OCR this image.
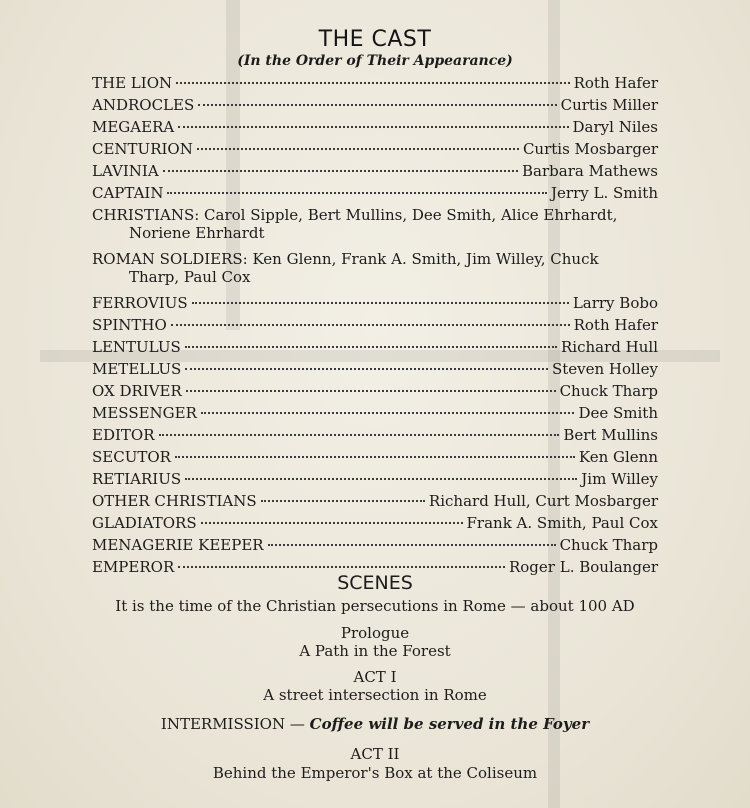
THE CAST
(In the Order of Their Appearance)
THE LION	Roth Hafer
ANDROCLES	Curtis Miller
MEGAERA	Daryl Niles
CENTURION	Curtis Mosbarger
LAVINIA	Barbara Mathews
CAPTAIN	Jerry L. Smith
CHRISTIANS: Carol Sipple, Bert Mullins, Dee Smith, Alice Ehrhardt,
Noriene Ehrhardt
ROMAN SOLDIERS: Ken Glenn, Frank A. Smith, Jim Willey, Chuck
Tharp, Paul Cox
FERROVIUS	Larry Bobo
SPINTHO	Roth Hafer
LENTULUS	Richard Hull
METELLUS	Steven Holley
OX DRIVER	Chuck Tharp
MESSENGER	Dee Smith
EDITOR	Bert Mullins
SECUTOR	Ken Glenn
RETIARIUS	Jim Willey
OTHER CHRISTIANS	Richard Hull, Curt Mosbarger
GLADIATORS	Frank A. Smith, Paul Cox
MENAGERIE KEEPER	Chuck Tharp
EMPEROR	Roger L. Boulanger
SCENES
It is the time of the Christian persecutions in Rome — about 100 AD
Prologue
A Path in the Forest
ACT I
A street intersection in Rome
INTERMISSION — Coffee will be served in the Foyer
ACT II
Behind the Emperor's Box at the Coliseum
